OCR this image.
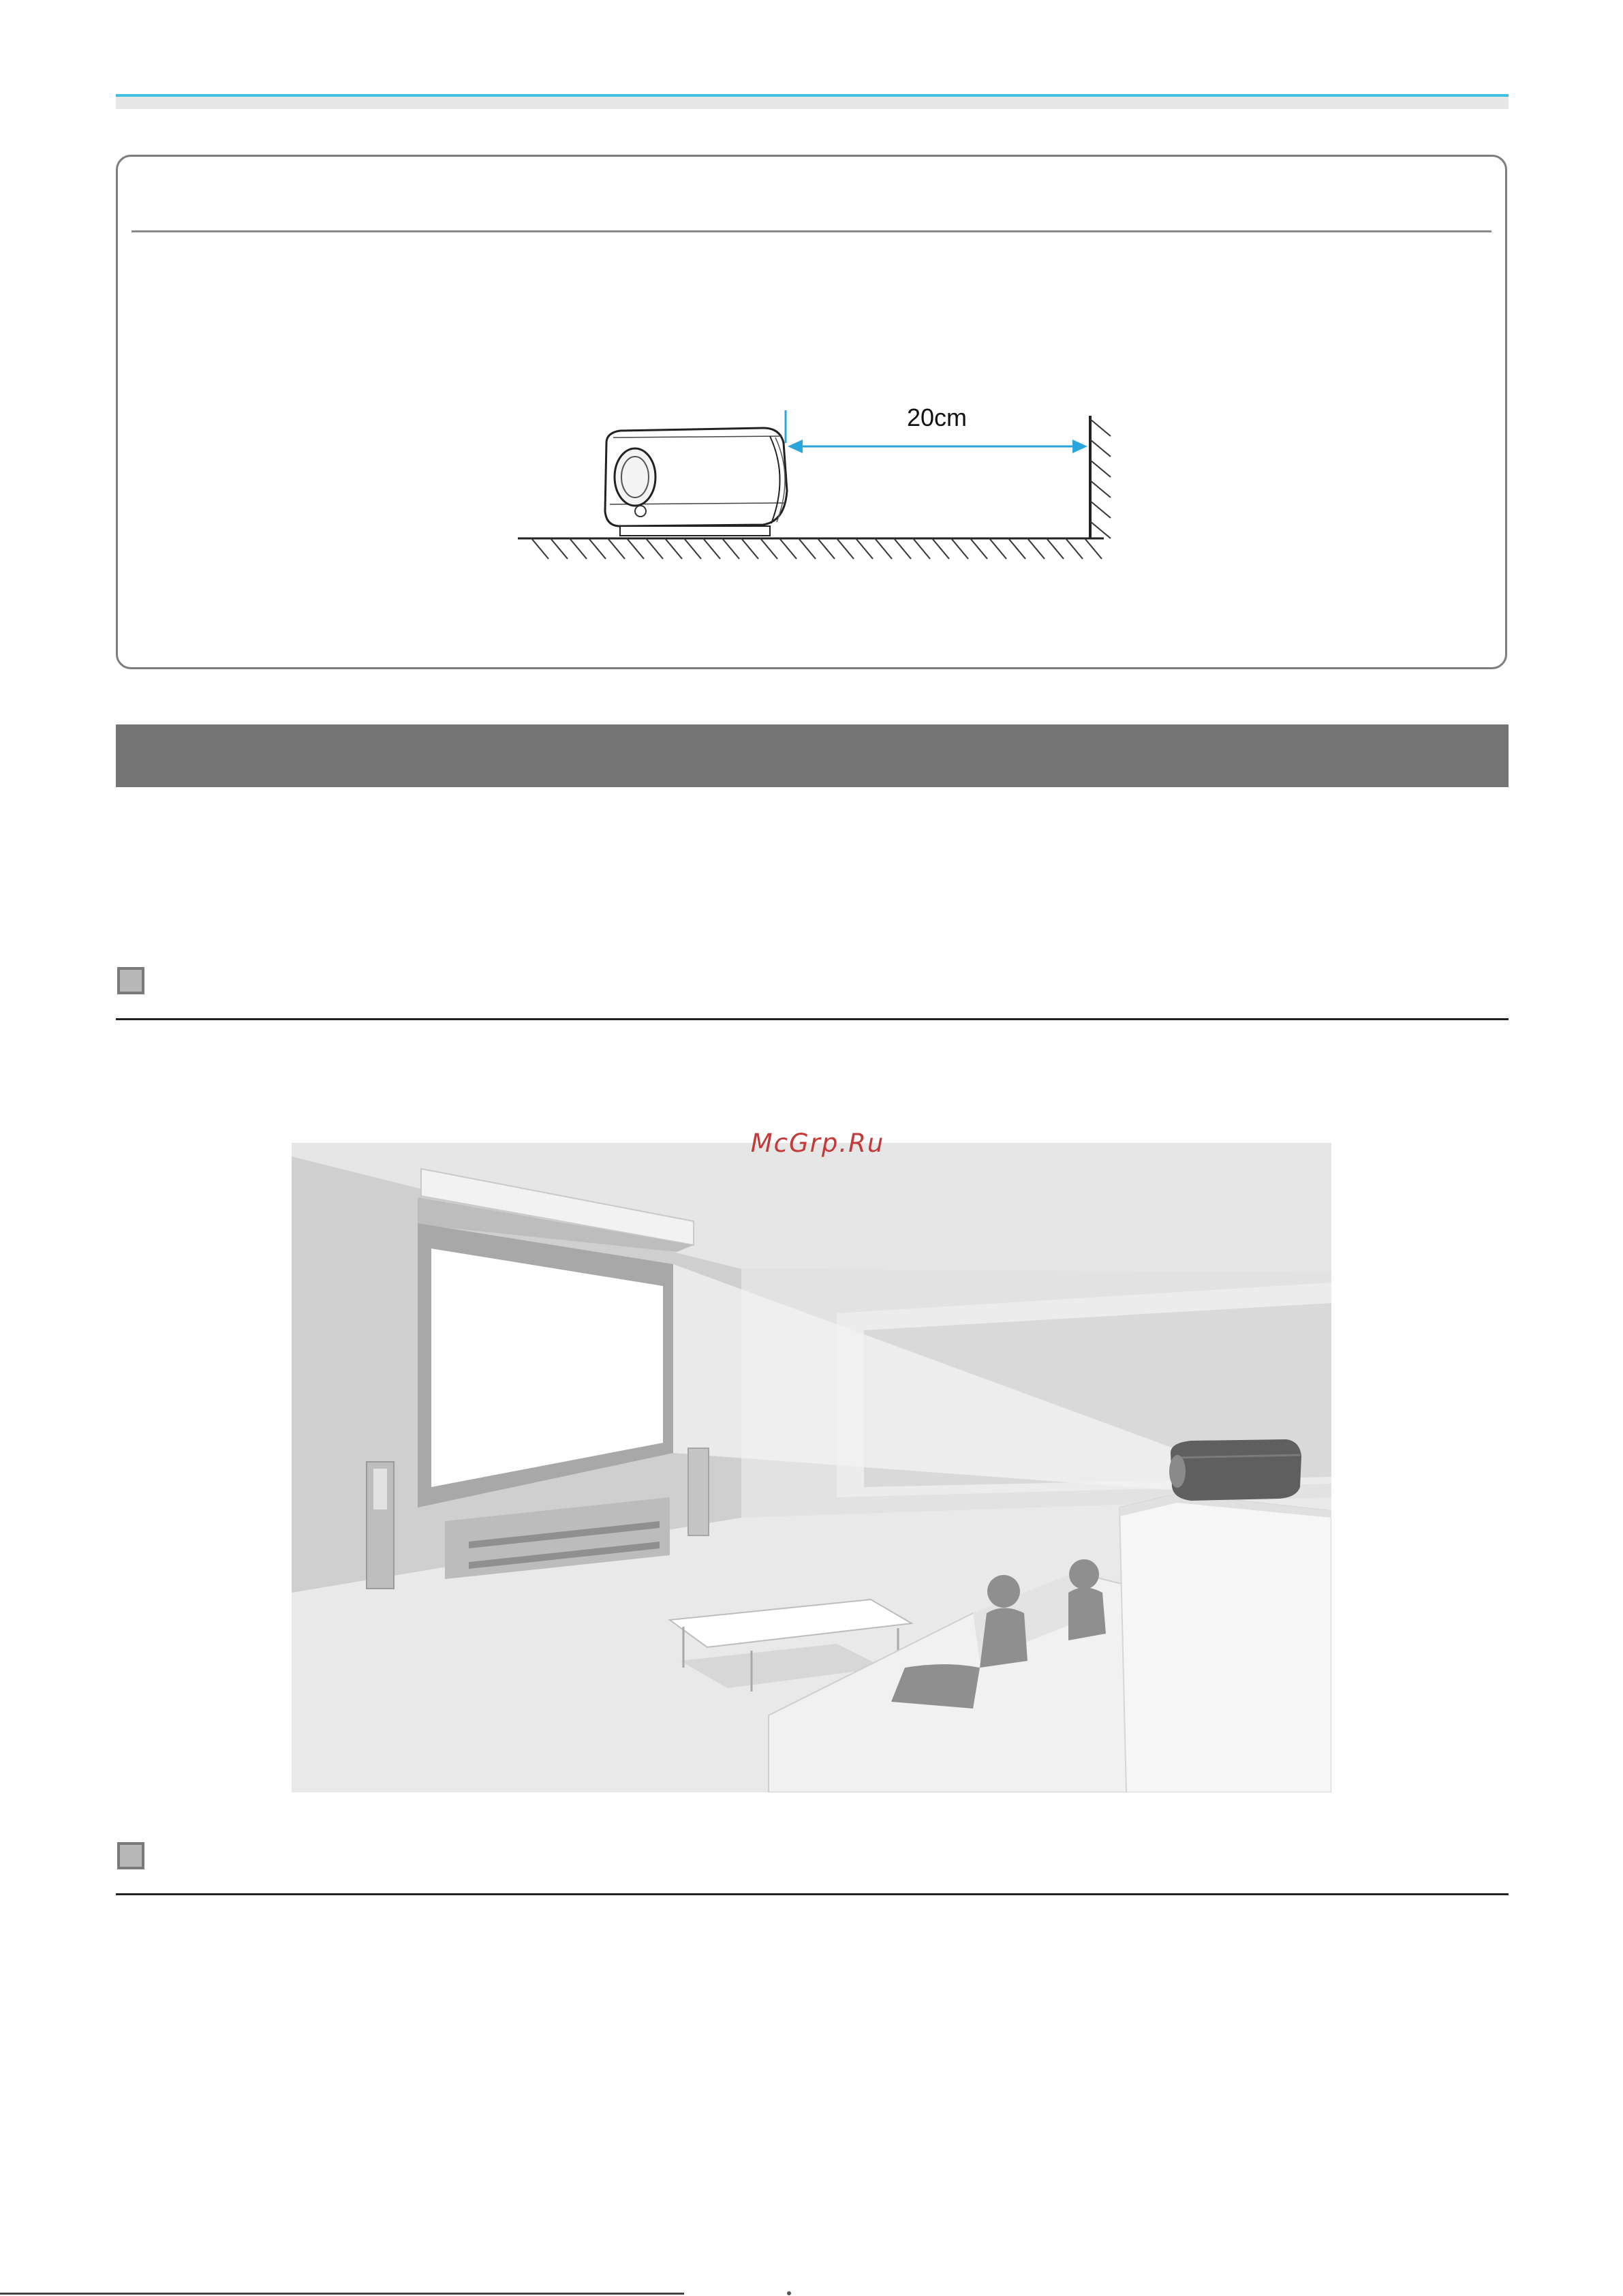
20cm
McGrp.Ru
